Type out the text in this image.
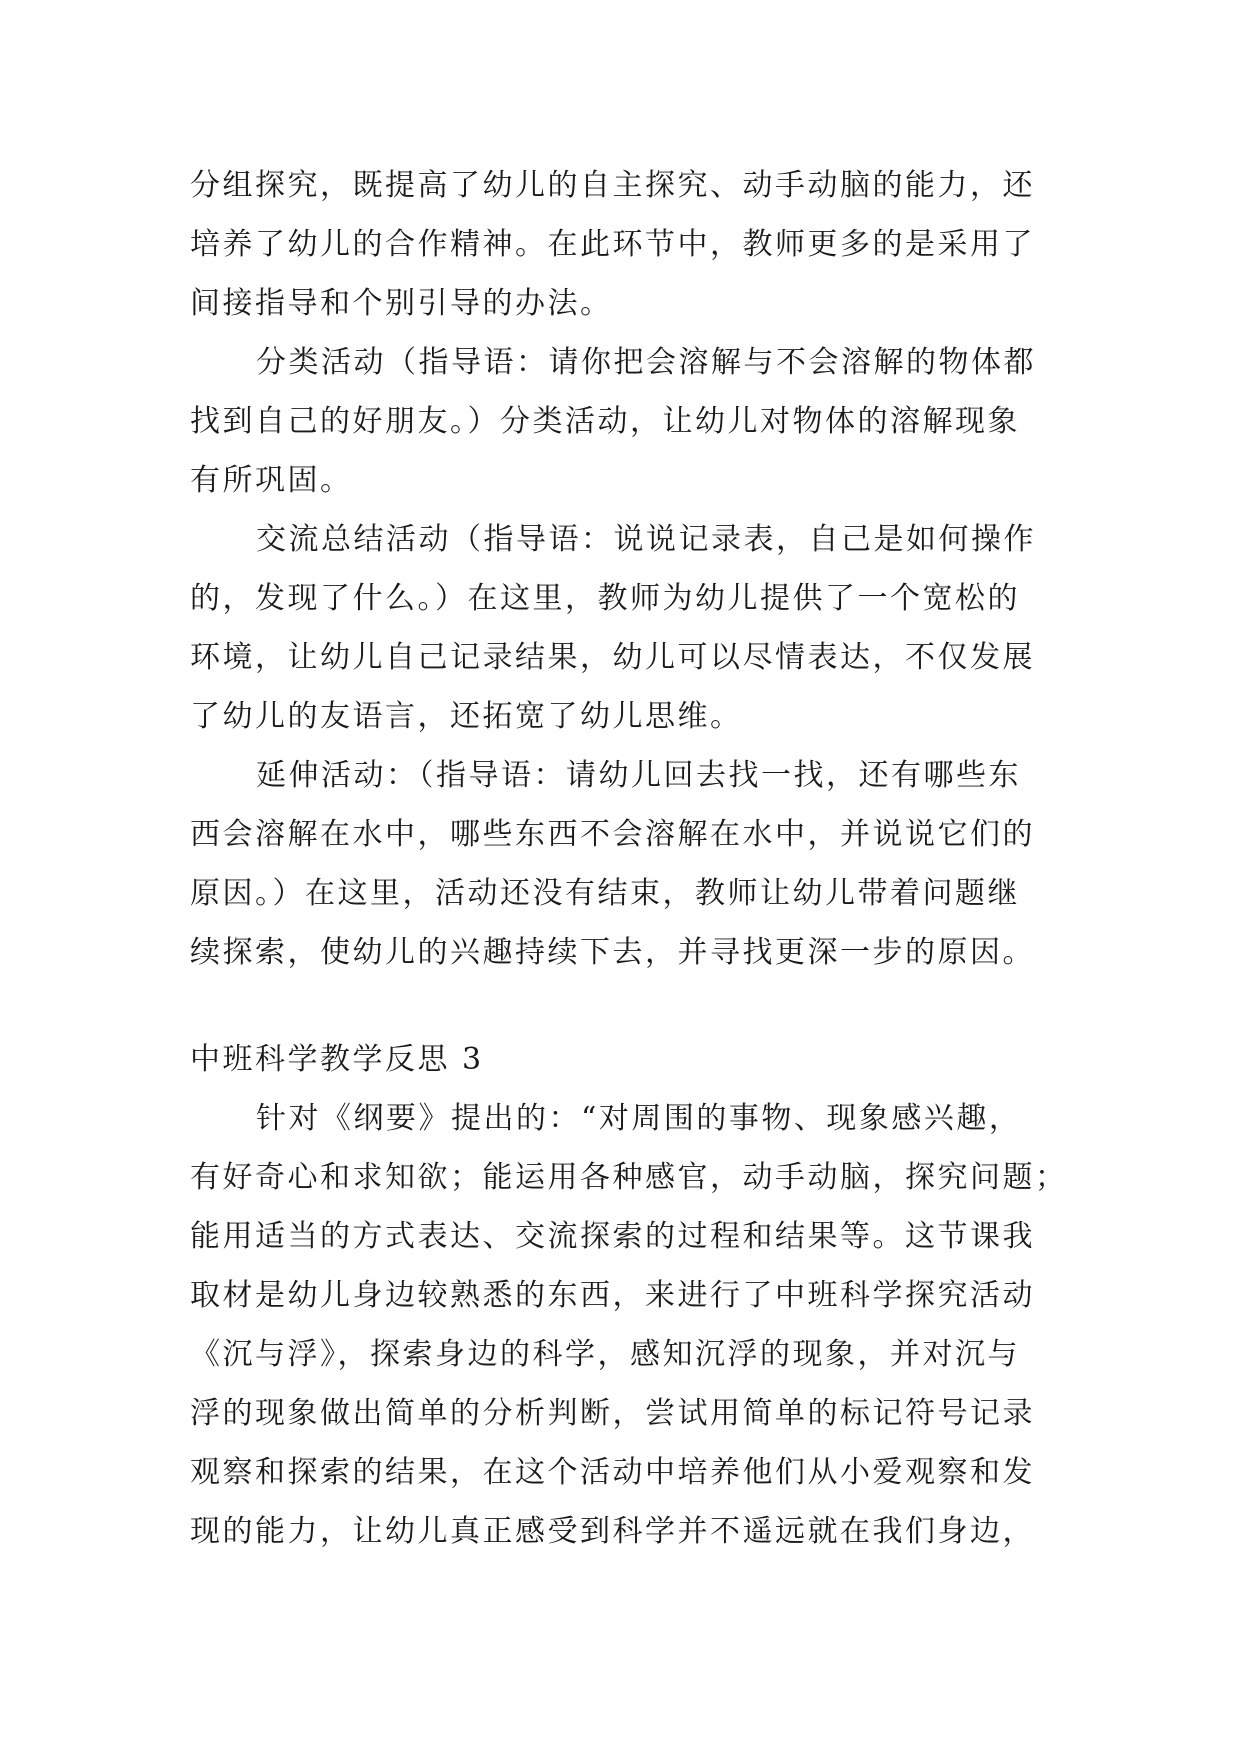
分组探究，既提高了幼儿的自主探究、动手动脑的能力，还
培养了幼儿的合作精神。在此环节中，教师更多的是采用了
间接指导和个别引导的办法。
分类活动（指导语：请你把会溶解与不会溶解的物体都
找到自己的好朋友。）分类活动，让幼儿对物体的溶解现象
有所巩固。
交流总结活动（指导语：说说记录表，自己是如何操作
的，发现了什么。）在这里，教师为幼儿提供了一个宽松的
环境，让幼儿自己记录结果，幼儿可以尽情表达，不仅发展
了幼儿的友语言，还拓宽了幼儿思维。
延伸活动：（指导语：请幼儿回去找一找，还有哪些东
西会溶解在水中，哪些东西不会溶解在水中，并说说它们的
原因。）在这里，活动还没有结束，教师让幼儿带着问题继
续探索，使幼儿的兴趣持续下去，并寻找更深一步的原因。
中班科学教学反思 3
针对《纲要》提出的：“对周围的事物、现象感兴趣，
有好奇心和求知欲；能运用各种感官，动手动脑，探究问题；
能用适当的方式表达、交流探索的过程和结果等。这节课我
取材是幼儿身边较熟悉的东西，来进行了中班科学探究活动
《沉与浮》，探索身边的科学，感知沉浮的现象，并对沉与
浮的现象做出简单的分析判断，尝试用简单的标记符号记录
观察和探索的结果，在这个活动中培养他们从小爱观察和发
现的能力，让幼儿真正感受到科学并不遥远就在我们身边，
